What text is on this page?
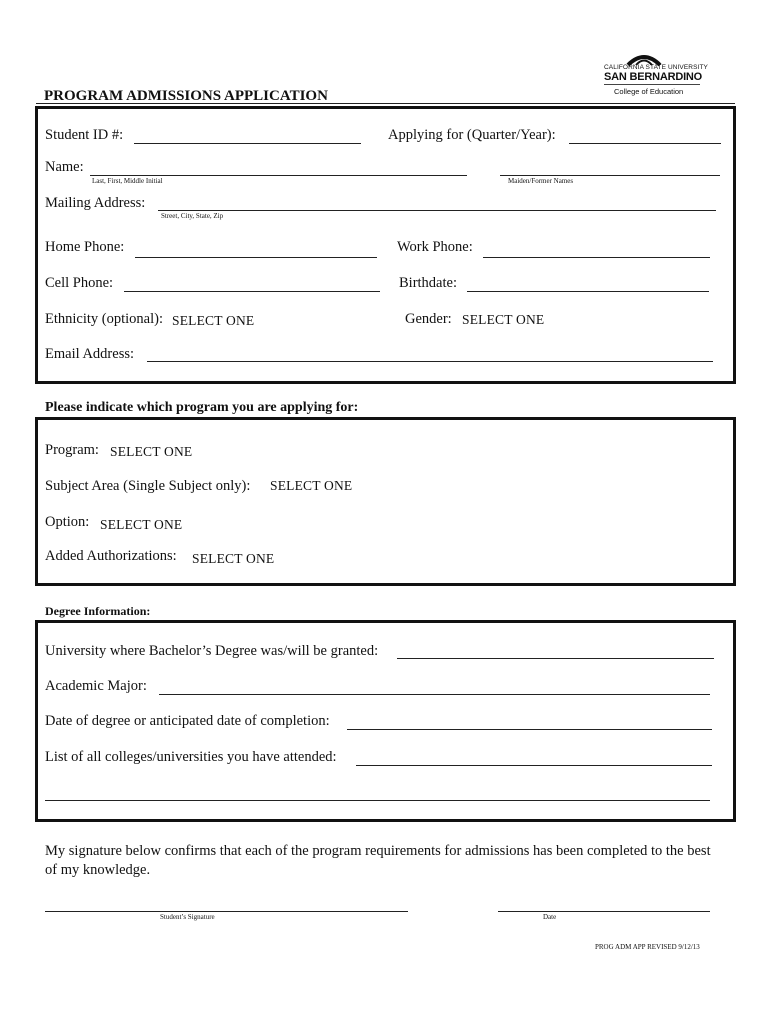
CALIFORNIA STATE UNIVERSITY
SAN BERNARDINO
College of Education
PROGRAM ADMISSIONS APPLICATION
Student ID #:	Applying for (Quarter/Year):
Name:
Last, First, Middle Initial	Maiden/Former Names
Mailing Address:
Street, City, State, Zip
Home Phone:	Work Phone:
Cell Phone:	Birthdate:
Ethnicity (optional): SELECT ONE	Gender: SELECT ONE
Email Address:
Please indicate which program you are applying for:
Program: SELECT ONE
Subject Area (Single Subject only): SELECT ONE
Option: SELECT ONE
Added Authorizations: SELECT ONE
Degree Information:
University where Bachelor’s Degree was/will be granted:
Academic Major:
Date of degree or anticipated date of completion:
List of all colleges/universities you have attended:
My signature below confirms that each of the program requirements for admissions has been completed to the best of my knowledge.
Student’s Signature	Date
PROG ADM APP REVISED 9/12/13
